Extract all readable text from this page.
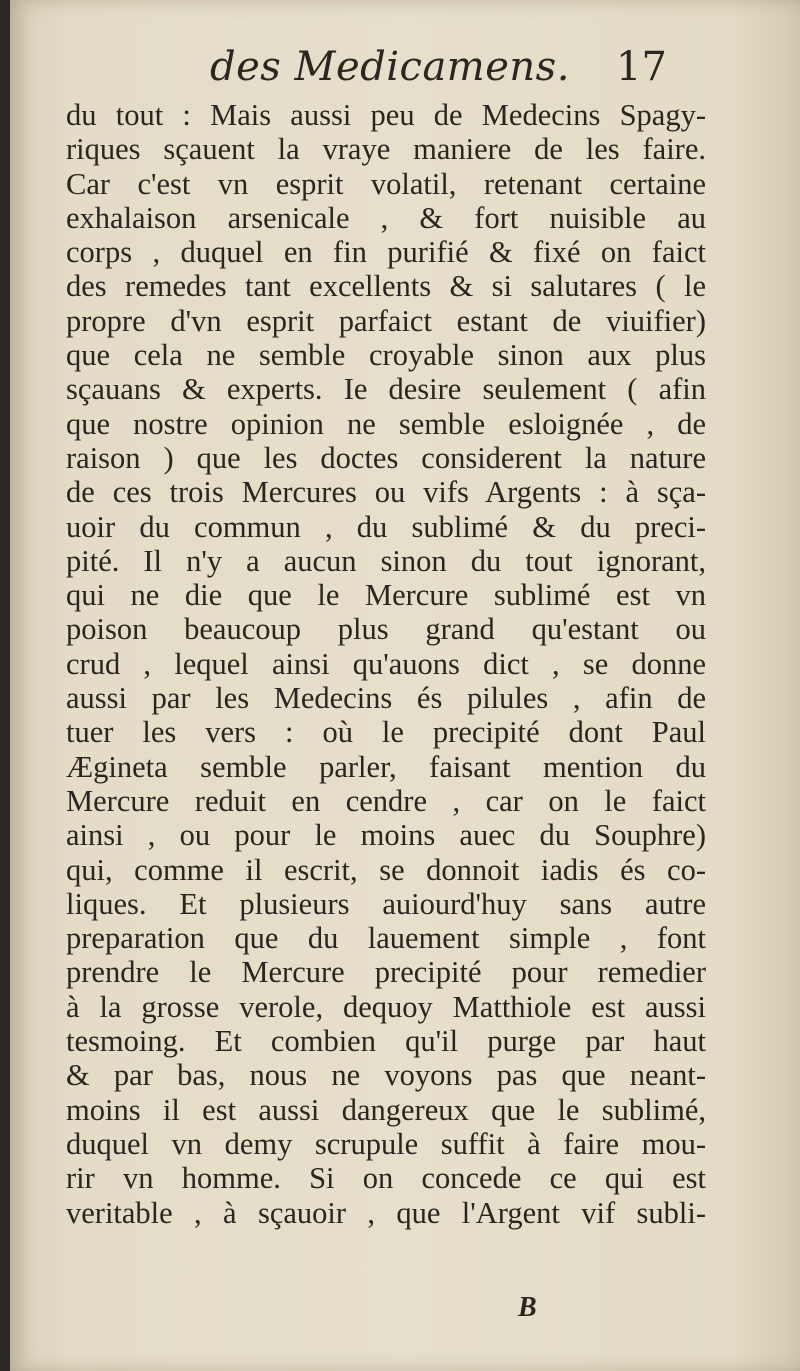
des Medicamens. 17
du tout : Mais aussi peu de Medecins Spagy-
riques sçauent la vraye maniere de les faire.
Car c'est vn esprit volatil, retenant certaine
exhalaison arsenicale , & fort nuisible au
corps , duquel en fin purifié & fixé on faict
des remedes tant excellents & si salutares ( le
propre d'vn esprit parfaict estant de viuifier)
que cela ne semble croyable sinon aux plus
sçauans & experts. Ie desire seulement ( afin
que nostre opinion ne semble esloignée , de
raison ) que les doctes considerent la nature
de ces trois Mercures ou vifs Argents : à sça-
uoir du commun , du sublimé & du preci-
pité. Il n'y a aucun sinon du tout ignorant,
qui ne die que le Mercure sublimé est vn
poison beaucoup plus grand qu'estant ou
crud , lequel ainsi qu'auons dict , se donne
aussi par les Medecins és pilules , afin de
tuer les vers : où le precipité dont Paul
Ægineta semble parler, faisant mention du
Mercure reduit en cendre , car on le faict
ainsi , ou pour le moins auec du Souphre)
qui, comme il escrit, se donnoit iadis és co-
liques. Et plusieurs auiourd'huy sans autre
preparation que du lauement simple , font
prendre le Mercure precipité pour remedier
à la grosse verole, dequoy Matthiole est aussi
tesmoing. Et combien qu'il purge par haut
& par bas, nous ne voyons pas que neant-
moins il est aussi dangereux que le sublimé,
duquel vn demy scrupule suffit à faire mou-
rir vn homme. Si on concede ce qui est
veritable , à sçauoir , que l'Argent vif subli-
B
